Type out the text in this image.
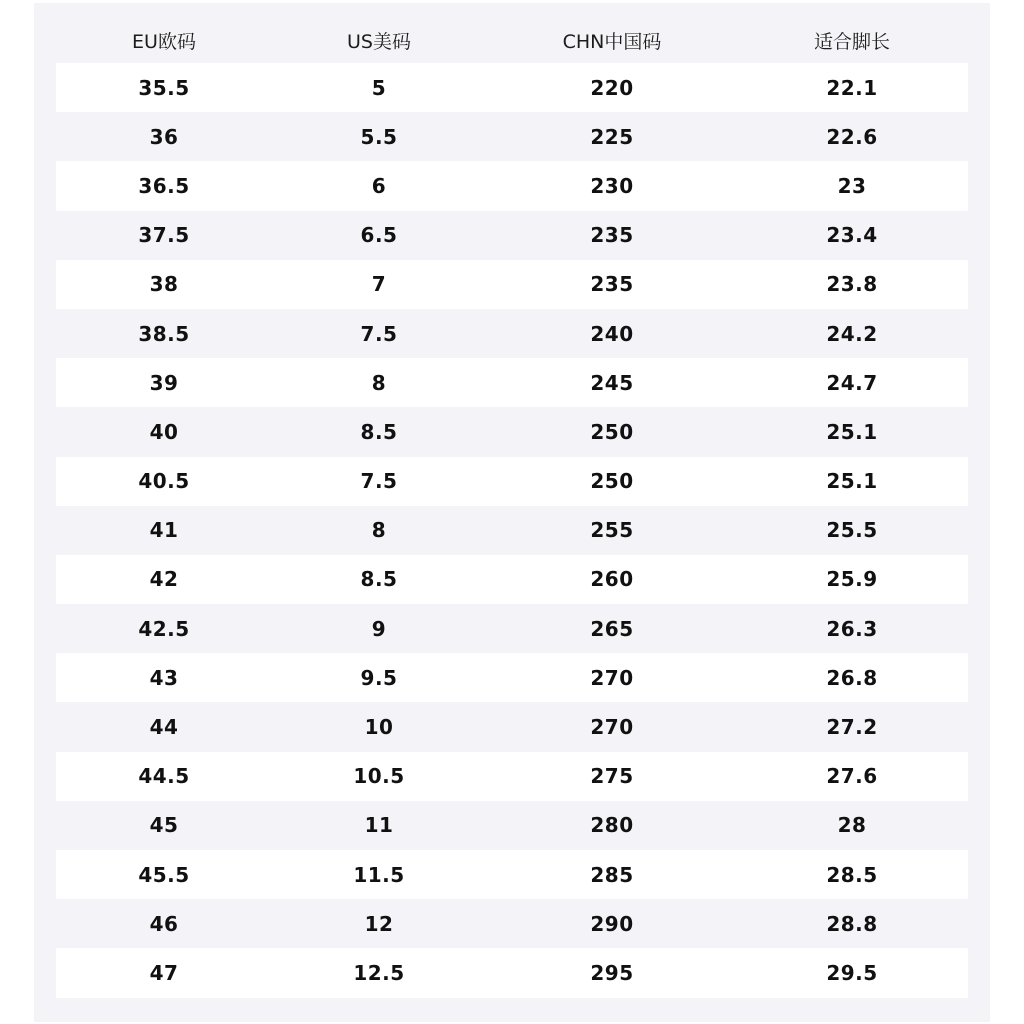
EU欧码	US美码	CHN中国码	适合脚长
35.5	5	220	22.1
36	5.5	225	22.6
36.5	6	230	23
37.5	6.5	235	23.4
38	7	235	23.8
38.5	7.5	240	24.2
39	8	245	24.7
40	8.5	250	25.1
40.5	7.5	250	25.1
41	8	255	25.5
42	8.5	260	25.9
42.5	9	265	26.3
43	9.5	270	26.8
44	10	270	27.2
44.5	10.5	275	27.6
45	11	280	28
45.5	11.5	285	28.5
46	12	290	28.8
47	12.5	295	29.5
